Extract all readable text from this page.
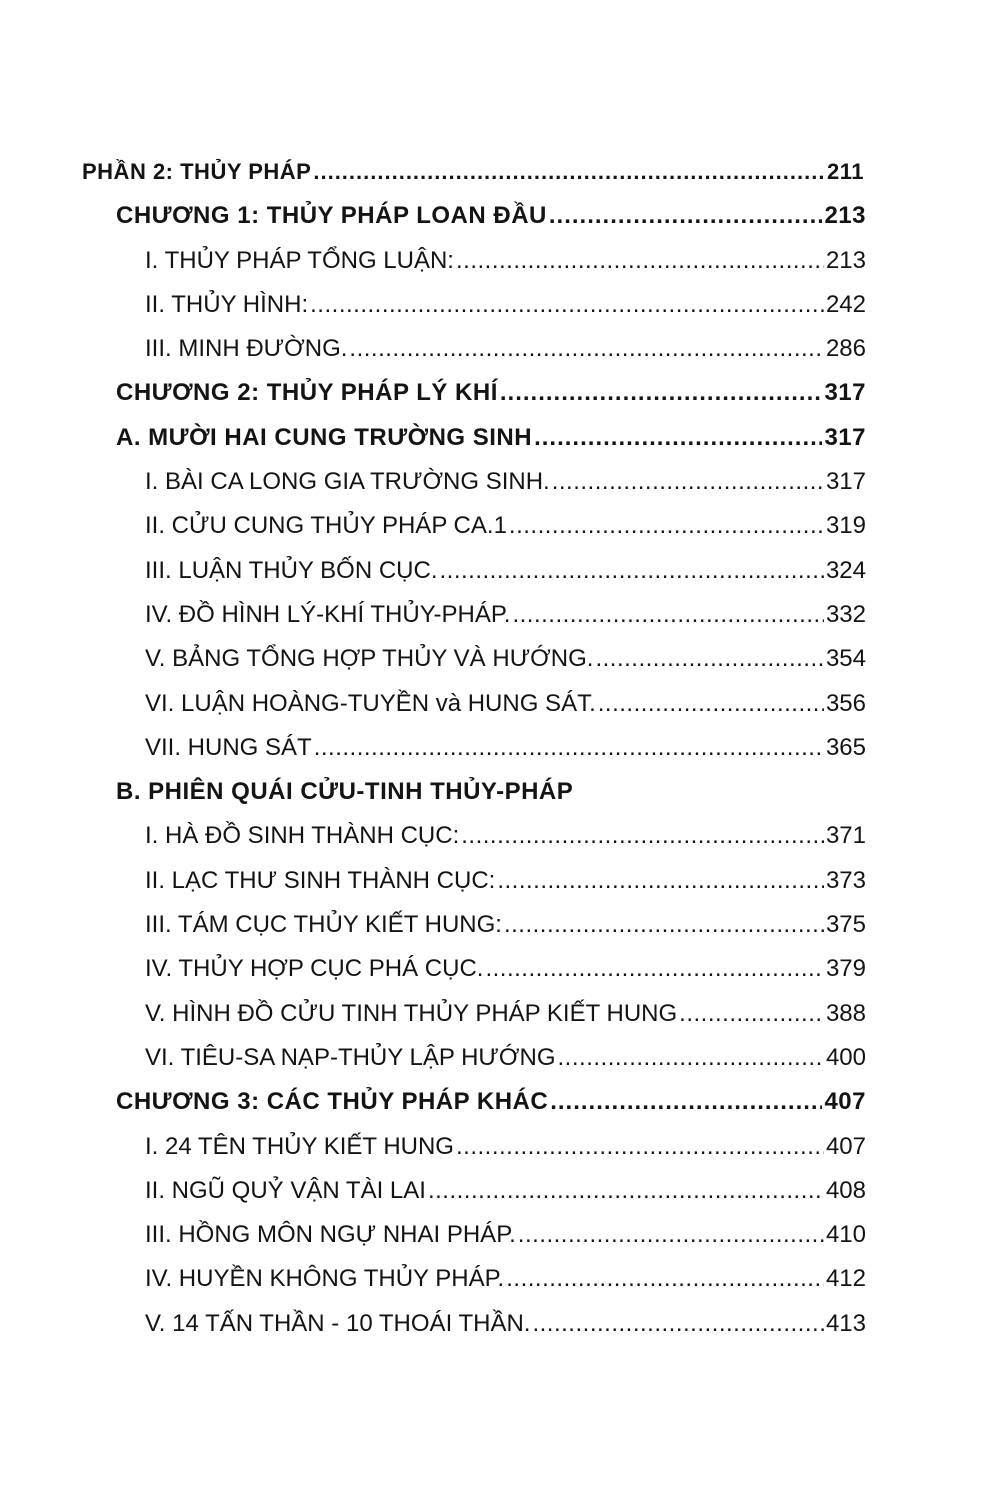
PHẦN 2: THỦY PHÁP .....	211
CHƯƠNG 1: THỦY PHÁP LOAN ĐẦU .....	213
I. THỦY PHÁP TỔNG LUẬN: .....	213
II. THỦY HÌNH: .....	242
III. MINH ĐƯỜNG. .....	286
CHƯƠNG 2: THỦY PHÁP LÝ KHÍ .....	317
A. MƯỜI HAI CUNG TRƯỜNG SINH .....	317
I. BÀI CA LONG GIA TRƯỜNG SINH. .....	317
II. CỬU CUNG THỦY PHÁP CA.1 .....	319
III. LUẬN THỦY BỐN CỤC. .....	324
IV. ĐỒ HÌNH LÝ-KHÍ THỦY-PHÁP. .....	332
V. BẢNG TỔNG HỢP THỦY VÀ HƯỚNG. .....	354
VI. LUẬN HOÀNG-TUYỀN và HUNG SÁT. .....	356
VII. HUNG SÁT .....	365
B. PHIÊN QUÁI CỬU-TINH THỦY-PHÁP
I. HÀ ĐỒ SINH THÀNH CỤC: .....	371
II. LẠC THƯ SINH THÀNH CỤC: .....	373
III. TÁM CỤC THỦY KIẾT HUNG: .....	375
IV. THỦY HỢP CỤC PHÁ CỤC. .....	379
V. HÌNH ĐỒ CỬU TINH THỦY PHÁP KIẾT HUNG .....	388
VI. TIÊU-SA NẠP-THỦY LẬP HƯỚNG .....	400
CHƯƠNG 3: CÁC THỦY PHÁP KHÁC .....	407
I. 24 TÊN THỦY KIẾT HUNG .....	407
II. NGŨ QUỶ VẬN TÀI LAI .....	408
III. HỒNG MÔN NGỰ NHAI PHÁP. .....	410
IV. HUYỀN KHÔNG THỦY PHÁP. .....	412
V. 14 TẤN THẦN - 10 THOÁI THẦN. .....	413
